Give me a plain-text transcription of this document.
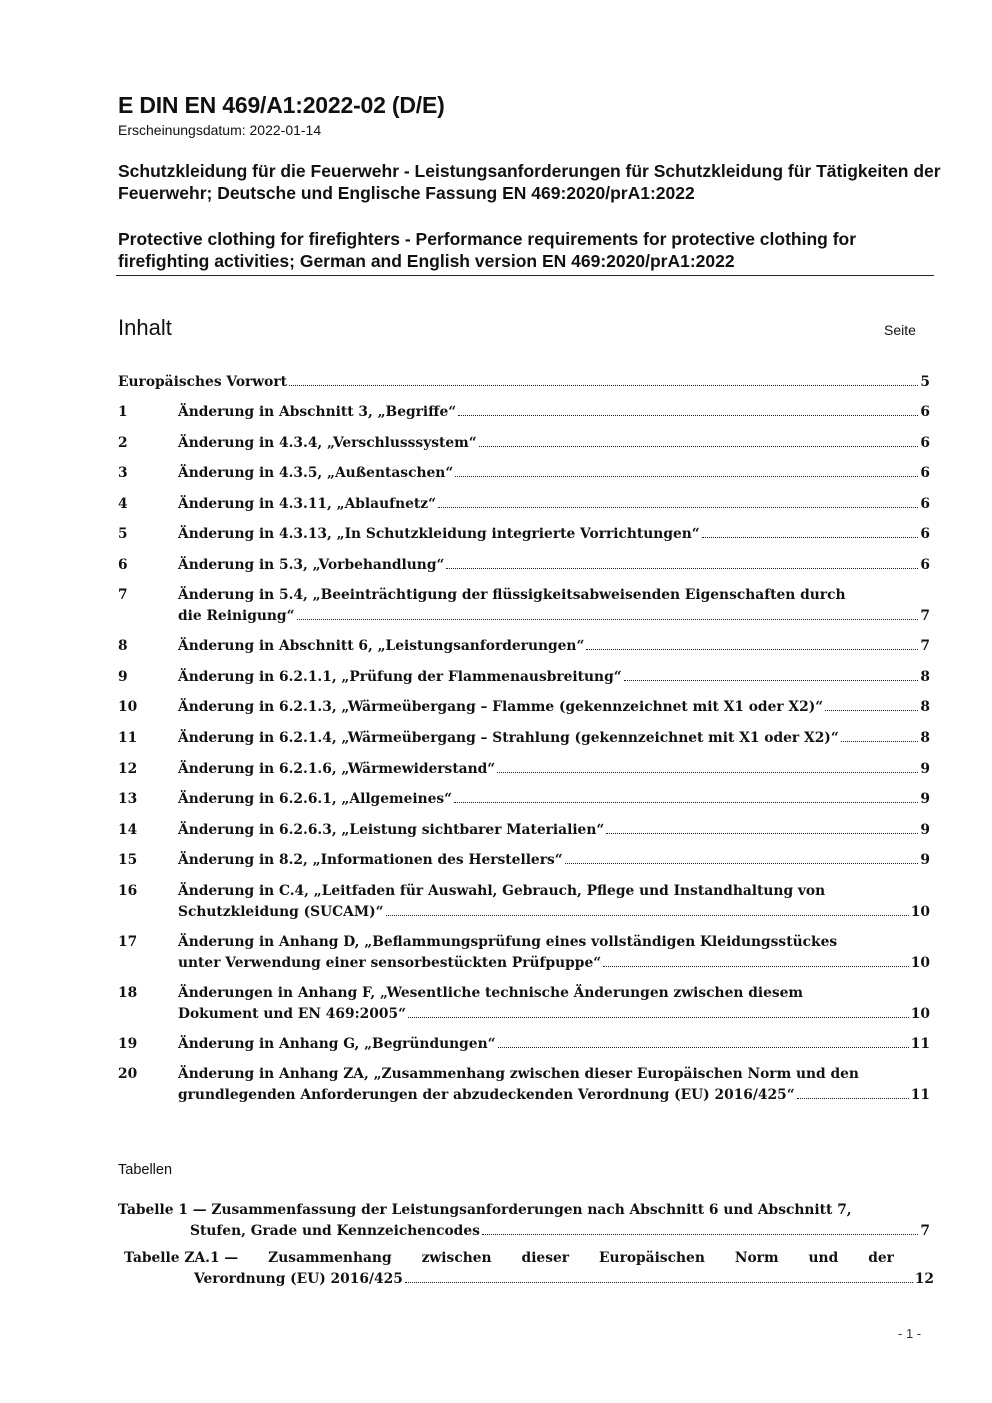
E DIN EN 469/A1:2022-02 (D/E)
Erscheinungsdatum: 2022-01-14
Schutzkleidung für die Feuerwehr - Leistungsanforderungen für Schutzkleidung für Tätigkeiten der Feuerwehr; Deutsche und Englische Fassung EN 469:2020/prA1:2022
Protective clothing for firefighters - Performance requirements for protective clothing for firefighting activities; German and English version EN 469:2020/prA1:2022
Inhalt	Seite
Europäisches Vorwort	5
1	Änderung in Abschnitt 3, „Begriffe“	6
2	Änderung in 4.3.4, „Verschlusssystem“	6
3	Änderung in 4.3.5, „Außentaschen“	6
4	Änderung in 4.3.11, „Ablaufnetz“	6
5	Änderung in 4.3.13, „In Schutzkleidung integrierte Vorrichtungen“	6
6	Änderung in 5.3, „Vorbehandlung“	6
7	Änderung in 5.4, „Beeinträchtigung der flüssigkeitsabweisenden Eigenschaften durch
die Reinigung“	7
8	Änderung in Abschnitt 6, „Leistungsanforderungen“	7
9	Änderung in 6.2.1.1, „Prüfung der Flammenausbreitung“	8
10	Änderung in 6.2.1.3, „Wärmeübergang – Flamme (gekennzeichnet mit X1 oder X2)“	8
11	Änderung in 6.2.1.4, „Wärmeübergang – Strahlung (gekennzeichnet mit X1 oder X2)“	8
12	Änderung in 6.2.1.6, „Wärmewiderstand“	9
13	Änderung in 6.2.6.1, „Allgemeines“	9
14	Änderung in 6.2.6.3, „Leistung sichtbarer Materialien“	9
15	Änderung in 8.2, „Informationen des Herstellers“	9
16	Änderung in C.4, „Leitfaden für Auswahl, Gebrauch, Pflege und Instandhaltung von
Schutzkleidung (SUCAM)“	10
17	Änderung in Anhang D, „Beflammungsprüfung eines vollständigen Kleidungsstückes
unter Verwendung einer sensorbestückten Prüfpuppe“	10
18	Änderungen in Anhang F, „Wesentliche technische Änderungen zwischen diesem
Dokument und EN 469:2005“	10
19	Änderung in Anhang G, „Begründungen“	11
20	Änderung in Anhang ZA, „Zusammenhang zwischen dieser Europäischen Norm und den
grundlegenden Anforderungen der abzudeckenden Verordnung (EU) 2016/425“	11
Tabellen
Tabelle 1 — Zusammenfassung der Leistungsanforderungen nach Abschnitt 6 und Abschnitt 7,
Stufen, Grade und Kennzeichencodes	7
Tabelle ZA.1 — Zusammenhang zwischen dieser Europäischen Norm und der
Verordnung (EU) 2016/425	12
- 1 -
